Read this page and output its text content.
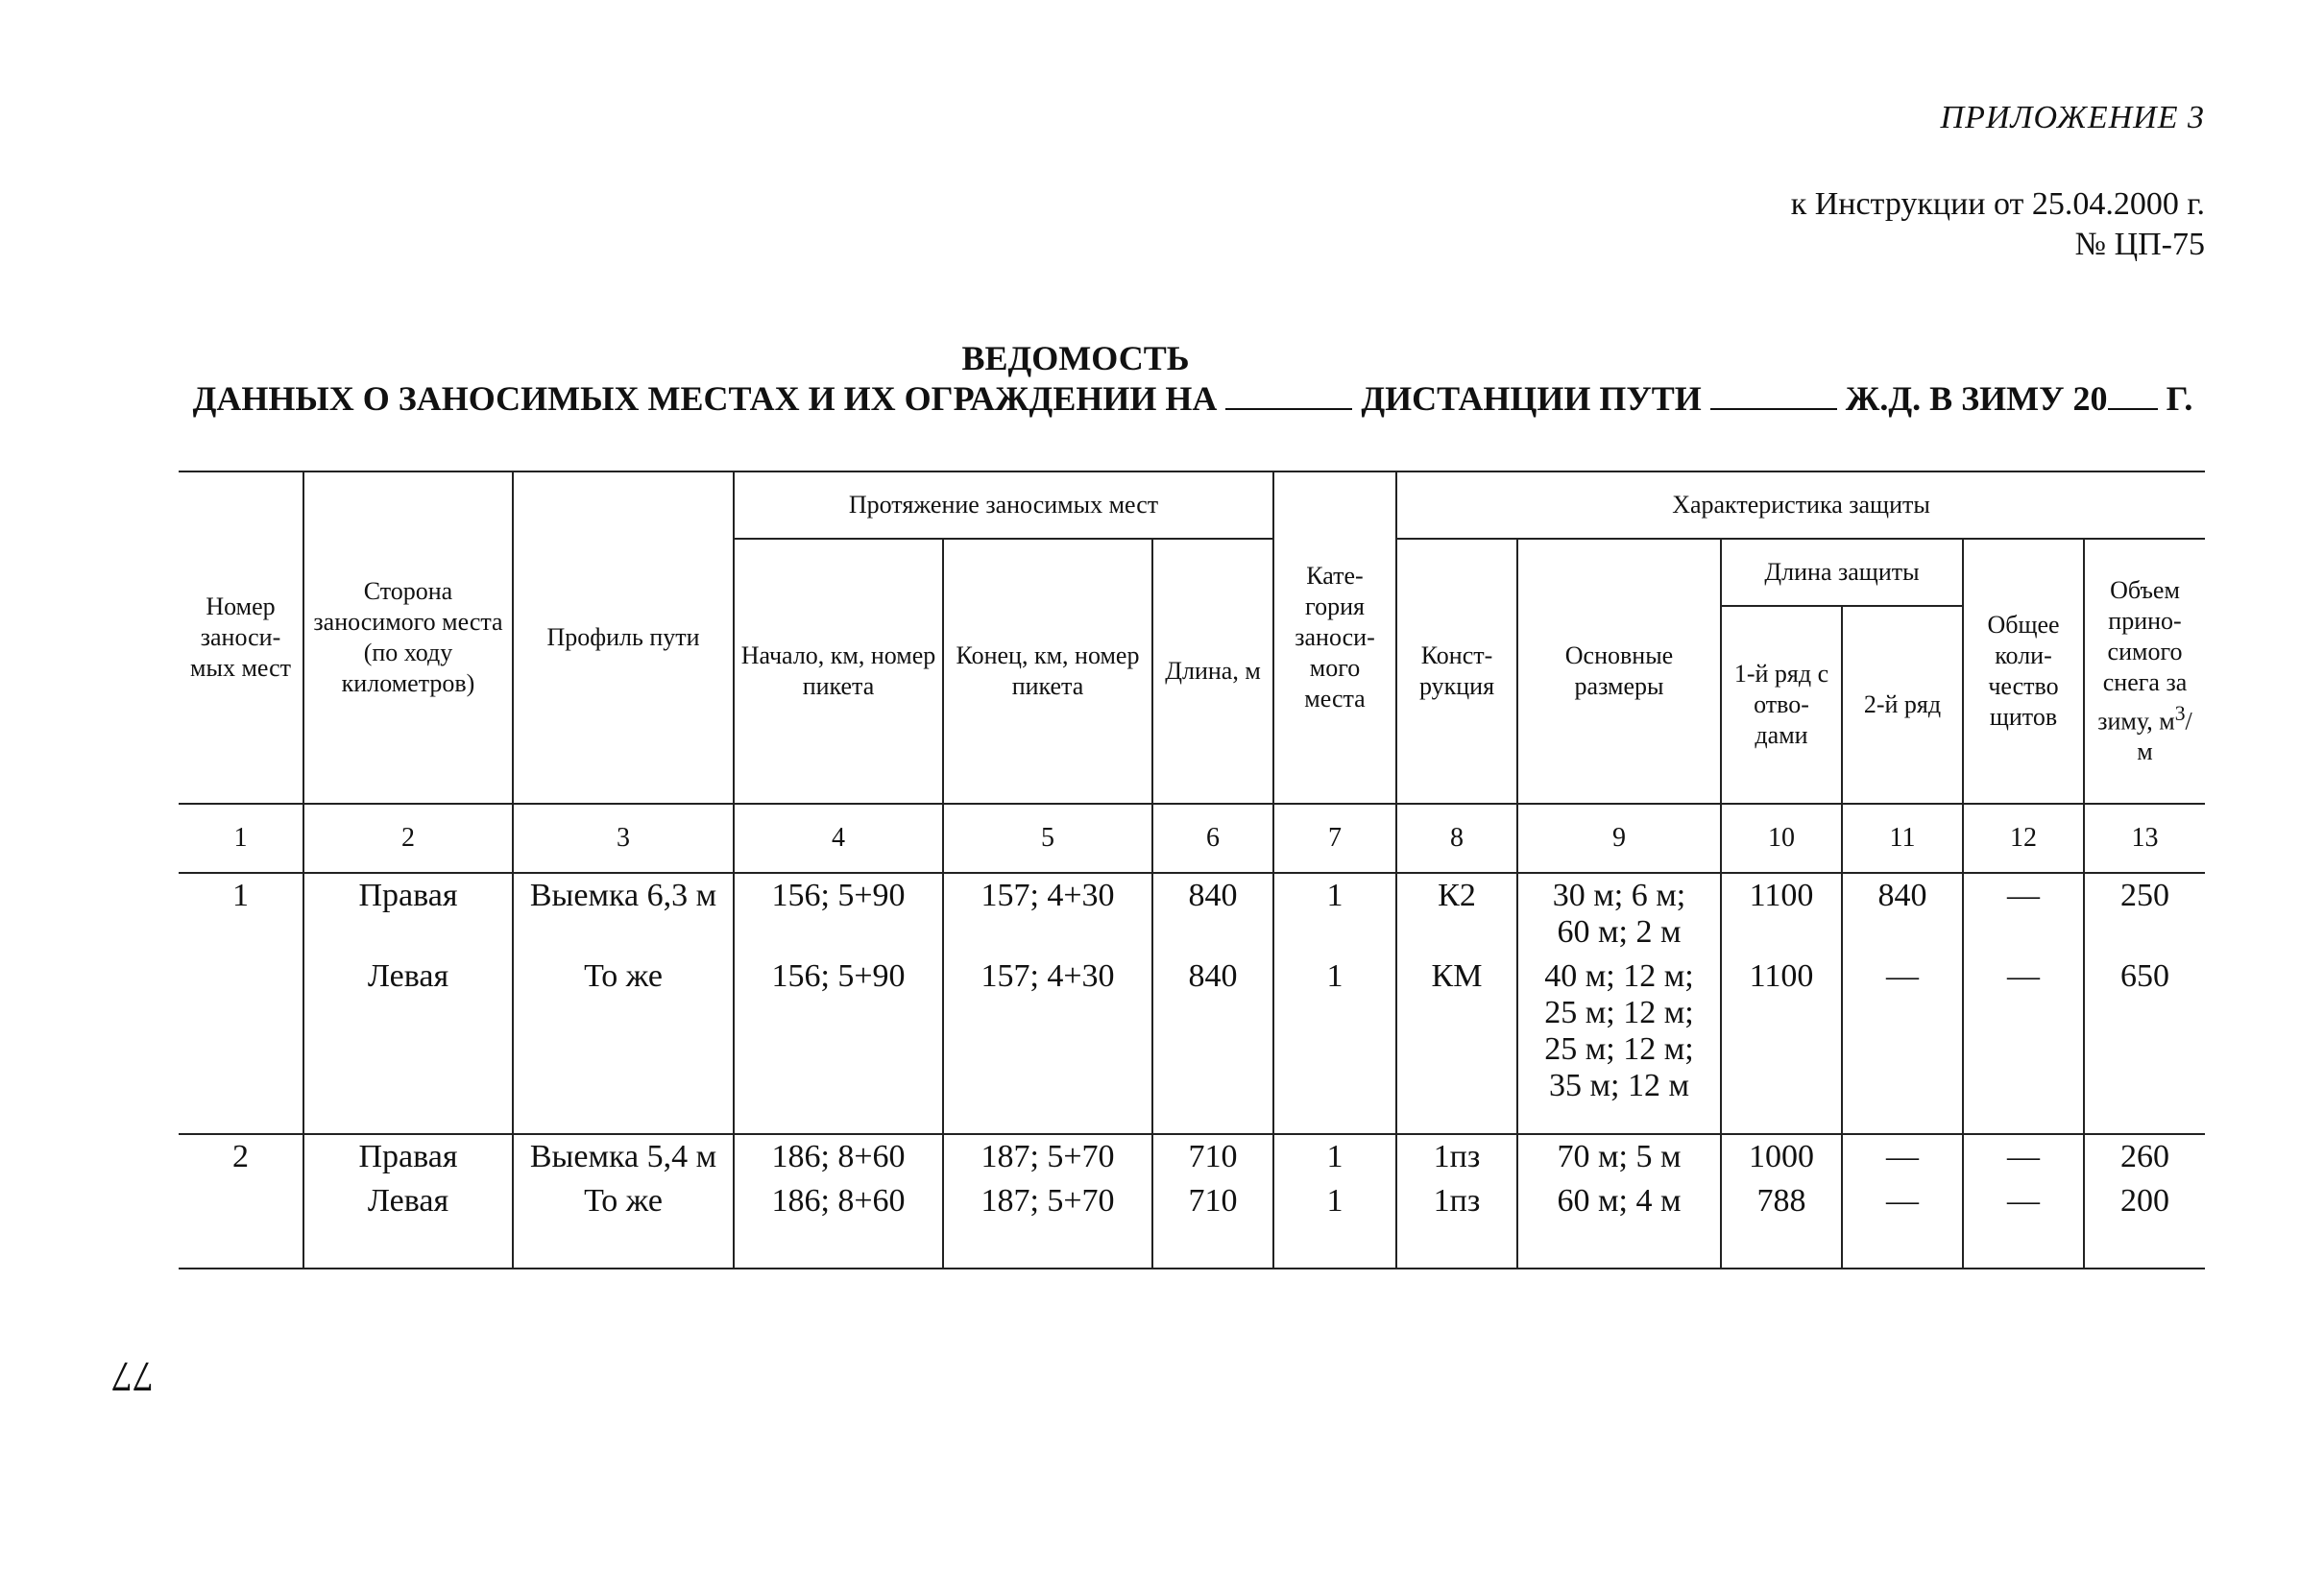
ПРИЛОЖЕНИЕ 3
к Инструкции от 25.04.2000 г.
№ ЦП-75
ВЕДОМОСТЬ
ДАННЫХ О ЗАНОСИМЫХ МЕСТАХ И ИХ ОГРАЖДЕНИИ НА	ДИСТАНЦИИ ПУТИ	Ж.Д. В ЗИМУ 20 Г.
Номер заноси- мых мест	Сторона заносимого места (по ходу километров)	Профиль пути	Протяжение заносимых мест			Кате- гория заноси- мого места	Характеристика защиты					
			Начало, км, номер пикета	Конец, км, номер пикета	Длина, м		Конст- рукция	Основные размеры	Длина защиты		Общее коли- чество щитов	Объем прино- симого снега за зиму, $м^3/м$
									1-й ряд с отво- дами	2-й ряд		
1	2	3	4	5	6	7	8	9	10	11	12	13
1	Правая	Выемка 6,3 м	156; 5+90	157; 4+30	840	1	К2	30 м; 6 м;
60 м; 2 м	1100	840	—	250
	Левая	То же	156; 5+90	157; 4+30	840	1	КМ	40 м; 12 м;
25 м; 12 м;
25 м; 12 м;
35 м; 12 м	1100	—	—	650
2	Правая	Выемка 5,4 м	186; 8+60	187; 5+70	710	1	1пз	70 м; 5 м	1000	—	—	260
	Левая	То же	186; 8+60	187; 5+70	710	1	1пз	60 м; 4 м	788	—	—	200
77
